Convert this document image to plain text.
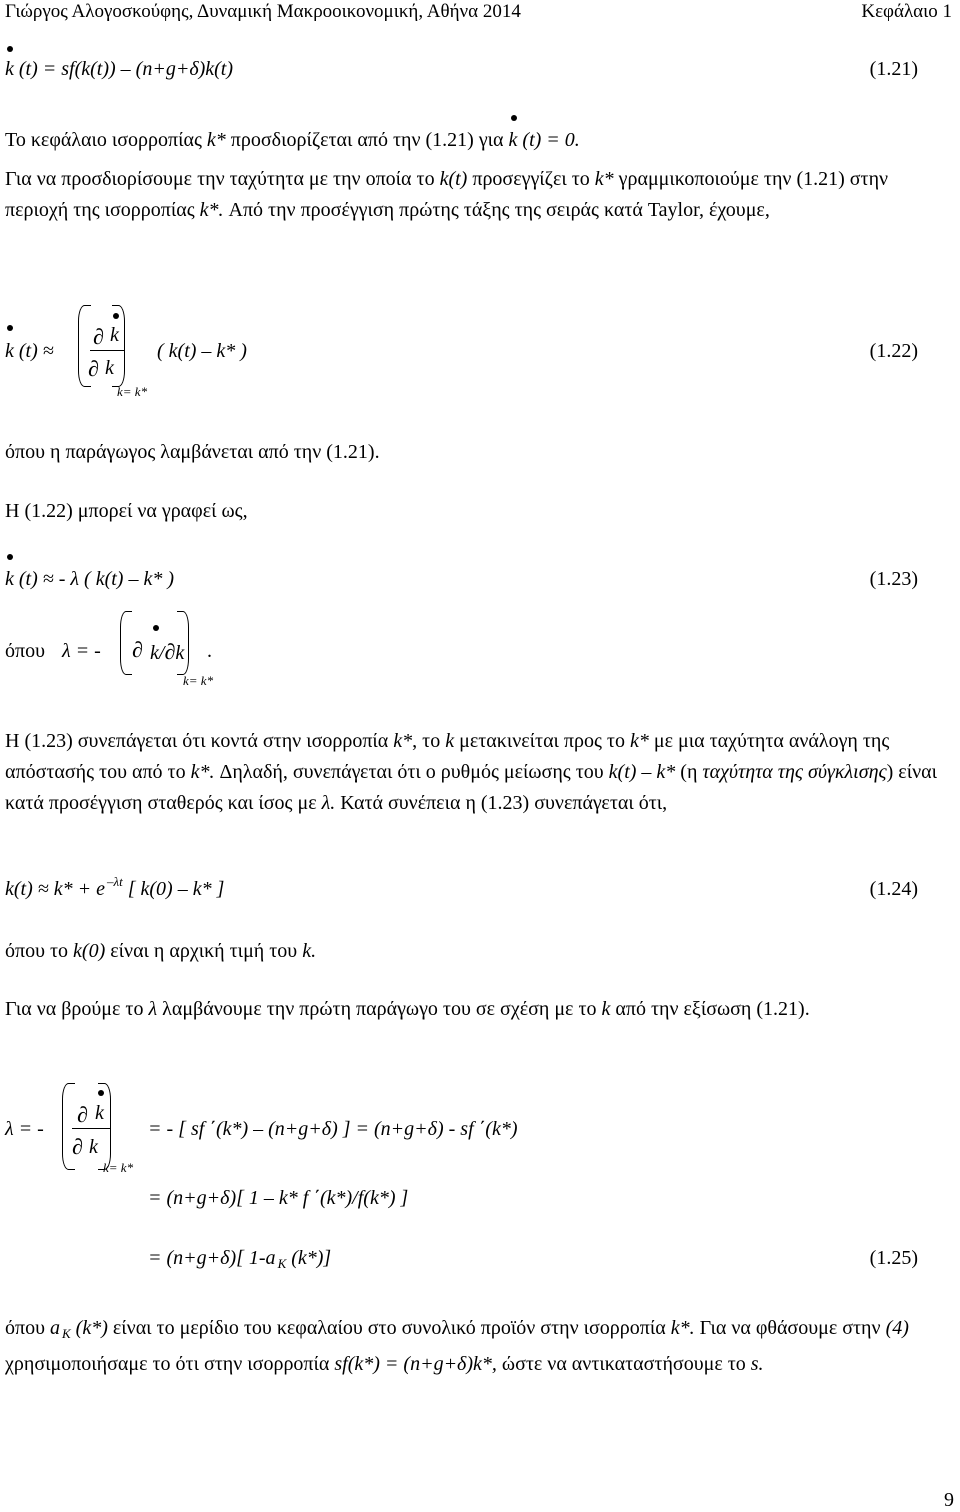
Γιώργος Αλογοσκούφης, Δυναμική Μακροοικονομική, Αθήνα 2014	Κεφάλαιο 1
k (t) = sf(k(t)) – (n+g+δ)k(t)	(1.21)
Το κεφάλαιο ισορροπίας k* προσδιορίζεται από την (1.21) για
k (t) = 0.
Για να προσδιορίσουμε την ταχύτητα με την οποία το k(t) προσεγγίζει το k* γραμμικοποιούμε την (1.21) στην περιοχή της ισορροπίας k*. Από την προσέγγιση πρώτης τάξης της σειράς κατά Taylor, έχουμε,
k (t) ≈
∂ k
∂ k
k= k*
( k(t) – k* )	(1.22)
όπου η παράγωγος λαμβάνεται από την (1.21).
Η (1.22) μπορεί να γραφεί ως,
k (t) ≈ - λ ( k(t) – k* )	(1.23)
όπου λ = - ∂ k/∂k
k= k*
.
Η (1.23) συνεπάγεται ότι κοντά στην ισορροπία k*, το k μετακινείται προς το k* με μια ταχύτητα ανάλογη της απόστασής του από το k*. Δηλαδή, συνεπάγεται ότι ο ρυθμός μείωσης του k(t) – k* (η ταχύτητα της σύγκλισης) είναι κατά προσέγγιση σταθερός και ίσος με λ. Κατά συνέπεια η (1.23) συνεπάγεται ότι,
k(t) ≈ k* + e $^{-\lambda t}$ [ k(0) – k* ]	(1.24)
όπου το k(0) είναι η αρχική τιμή του k.
Για να βρούμε το λ λαμβάνουμε την πρώτη παράγωγο του σε σχέση με το k από την εξίσωση (1.21).
λ = -
∂ k
∂ k
k= k*
= - [ sf ΄(k*) – (n+g+δ) ] = (n+g+δ) - sf ΄(k*)
= (n+g+δ)[ 1 – k* f ΄(k*)/f(k*) ]
= (n+g+δ)[ 1-a $_K$ (k*)]	(1.25)
όπου a $_K$ (k*) είναι το μερίδιο του κεφαλαίου στο συνολικό προϊόν στην ισορροπία k*. Για να φθάσουμε στην (4) χρησιμοποιήσαμε το ότι στην ισορροπία sf(k*) = (n+g+δ)k*, ώστε να αντικαταστήσουμε το s.
9
